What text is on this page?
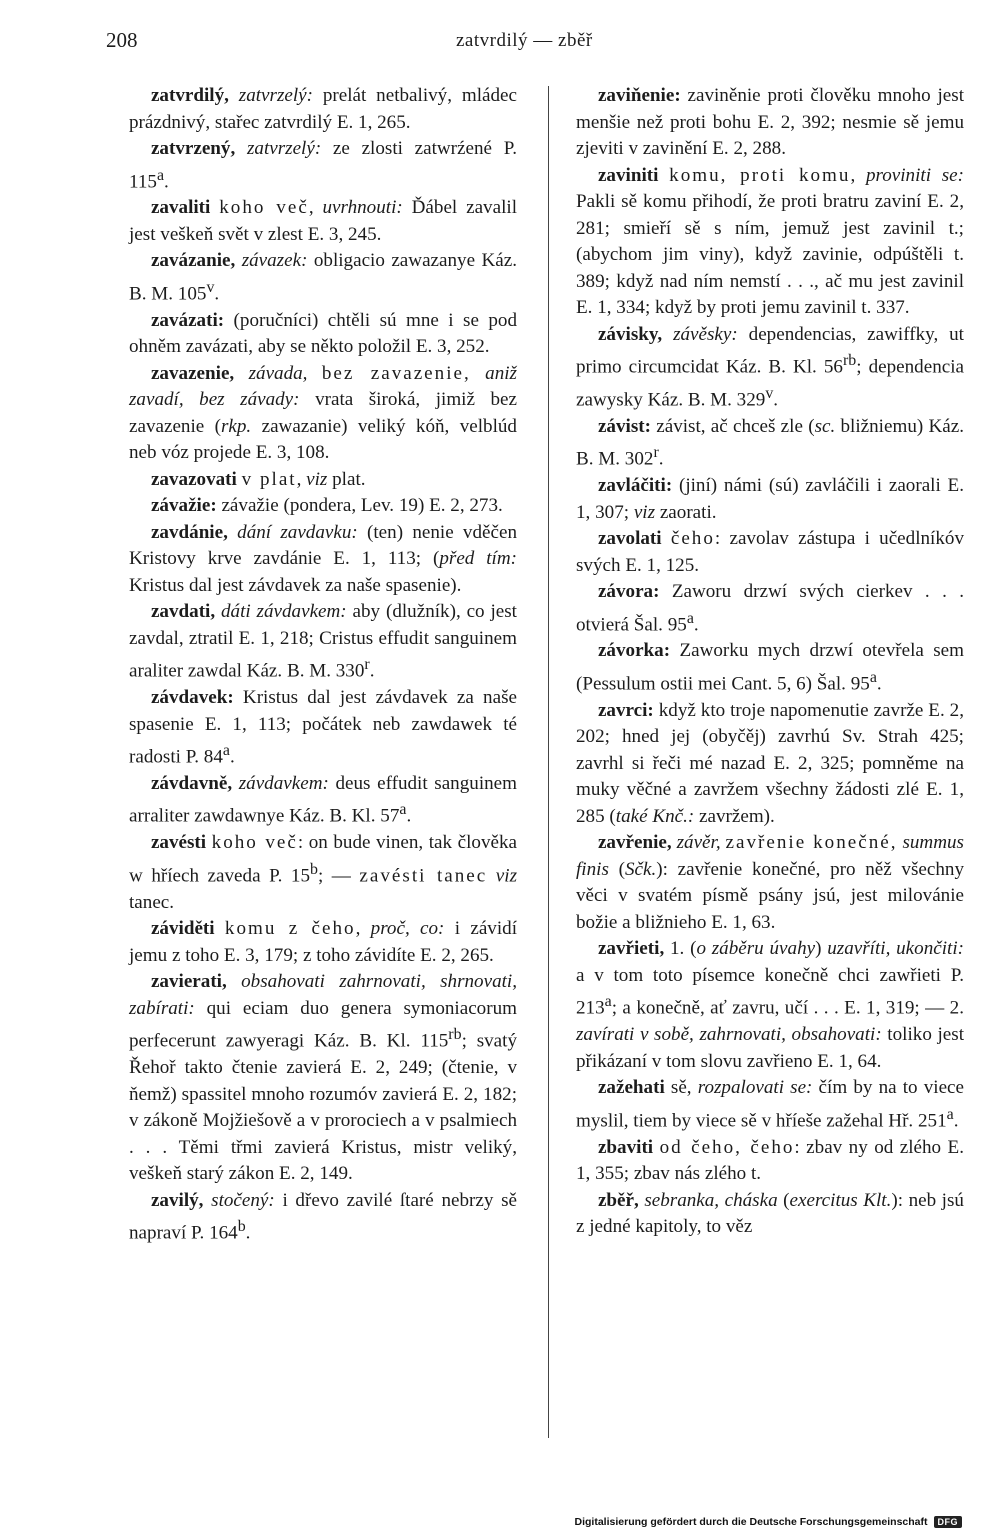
208	zatvrdilý — zběř

zatvrdilý, zatvrzelý: prelát netbalivý, mládec prázdnivý, stařec zatvrdilý E. 1, 265.

zatvrzený, zatvrzelý: ze zlosti zatwrźené P. 115$^a$.

zavaliti koho več, uvrhnouti: Ďábel zavalil jest veškeň svět v zlest E. 3, 245.

zavázanie, závazek: obligacio zawazanye Káz. B. M. 105$^v$.

zavázati: (poručníci) chtěli sú mne i se pod ohněm zavázati, aby se někto položil E. 3, 252.

zavazenie, závada, bez zavazenie, aniž zavadí, bez závady: vrata široká, jimiž bez zavazenie (rkp. zawazanie) veliký kóň, velblúd neb vóz projede E. 3, 108.

zavazovati v plat, viz plat.

závažie: závažie (pondera, Lev. 19) E. 2, 273.

zavdánie, dání zavdavku: (ten) nenie vděčen Kristovy krve zavdánie E. 1, 113; (před tím: Kristus dal jest závdavek za naše spasenie).

zavdati, dáti závdavkem: aby (dlužník), co jest zavdal, ztratil E. 1, 218; Cristus effudit sanguinem araliter zawdal Káz. B. M. 330$^r$.

závdavek: Kristus dal jest závdavek za naše spasenie E. 1, 113; počátek neb zawdawek té radosti P. 84$^a$.

závdavně, závdavkem: deus effudit sanguinem arraliter zawdawnye Káz. B. Kl. 57$^a$.

zavésti koho več: on bude vinen, tak člověka w hříech zaveda P. 15$^b$; — zavésti tanec viz tanec.

záviděti komu z čeho, proč, co: i závidí jemu z toho E. 3, 179; z toho závidíte E. 2, 265.

zavierati, obsahovati zahrnovati, shrnovati, zabírati: qui eciam duo genera symoniacorum perfecerunt zawyeragi Káz. B. Kl. $115^{rb}$; svatý Řehoř takto čtenie zavierá E. 2, 249; (čtenie, v ňemž) spassitel mnoho rozumóv zavierá E. 2, 182; v zákoně Mojžiešově a v prorociech a v psalmiech . . . Těmi třmi zavierá Kristus, mistr veliký, veškeň starý zákon E. 2, 149.

zavilý, stočený: i dřevo zavilé ſtaré nebrzy sě napraví P. 164$^b$.

zaviňenie: zaviněnie proti člověku mnoho jest menšie než proti bohu E. 2, 392; nesmie sě jemu zjeviti v zavinění E. 2, 288.

zaviniti komu, proti komu, proviniti se: Pakli sě komu přihodí, že proti bratru zaviní E. 2, 281; smieří sě s ním, jemuž jest zavinil t.; (abychom jim viny), když zavinie, odpúštěli t. 389; když nad ním nemstí . . ., ač mu jest zavinil E. 1, 334; když by proti jemu zavinil t. 337.

závisky, závěsky: dependencias, zawiffky, ut primo circumcidat Káz. B. Kl. $56^{rb}$; dependencia zawysky Káz. B. M. 329$^v$.

závist: závist, ač chceš zle (sc. bližniemu) Káz. B. M. 302$^r$.

zavláčiti: (jiní) námi (sú) zavláčili i zaorali E. 1, 307; viz zaorati.

zavolati čeho: zavolav zástupa i učedlníkóv svých E. 1, 125.

závora: Zaworu drzwí svých cierkev . . . otvierá Šal. 95$^a$.

závorka: Zaworku mych drzwí otevřela sem (Pessulum ostii mei Cant. 5, 6) Šal. 95$^a$.

zavrci: když kto troje napomenutie zavrže E. 2, 202; hned jej (obyčěj) zavrhú Sv. Strah 425; zavrhl si řeči mé nazad E. 2, 325; pomněme na muky věčné a zavržem všechny žádosti zlé E. 1, 285 (také Knč.: zavržem).

zavřenie, závěr, zavřenie konečné, summus finis (Sčk.): zavřenie konečné, pro něž všechny věci v svatém písmě psány jsú, jest milovánie božie a bližnieho E. 1, 63.

zavřieti, 1. (o záběru úvahy) uzavříti, ukončiti: a v tom toto písemce konečně chci zawřieti P. 213$^a$; a konečně, ať zavru, učí . . . E. 1, 319; — 2. zavírati v sobě, zahrnovati, obsahovati: toliko jest přikázaní v tom slovu zavřieno E. 1, 64.

zažehati sě, rozpalovati se: čím by na to viece myslil, tiem by viece sě v hříeše zažehal Hř. 251$^a$.

zbaviti od čeho, čeho: zbav ny od zlého E. 1, 355; zbav nás zlého t.

zběř, sebranka, cháska (exercitus Klt.): neb jsú z jedné kapitoly, to věz

Digitalisierung gefördert durch die Deutsche Forschungsgemeinschaft	DFG
